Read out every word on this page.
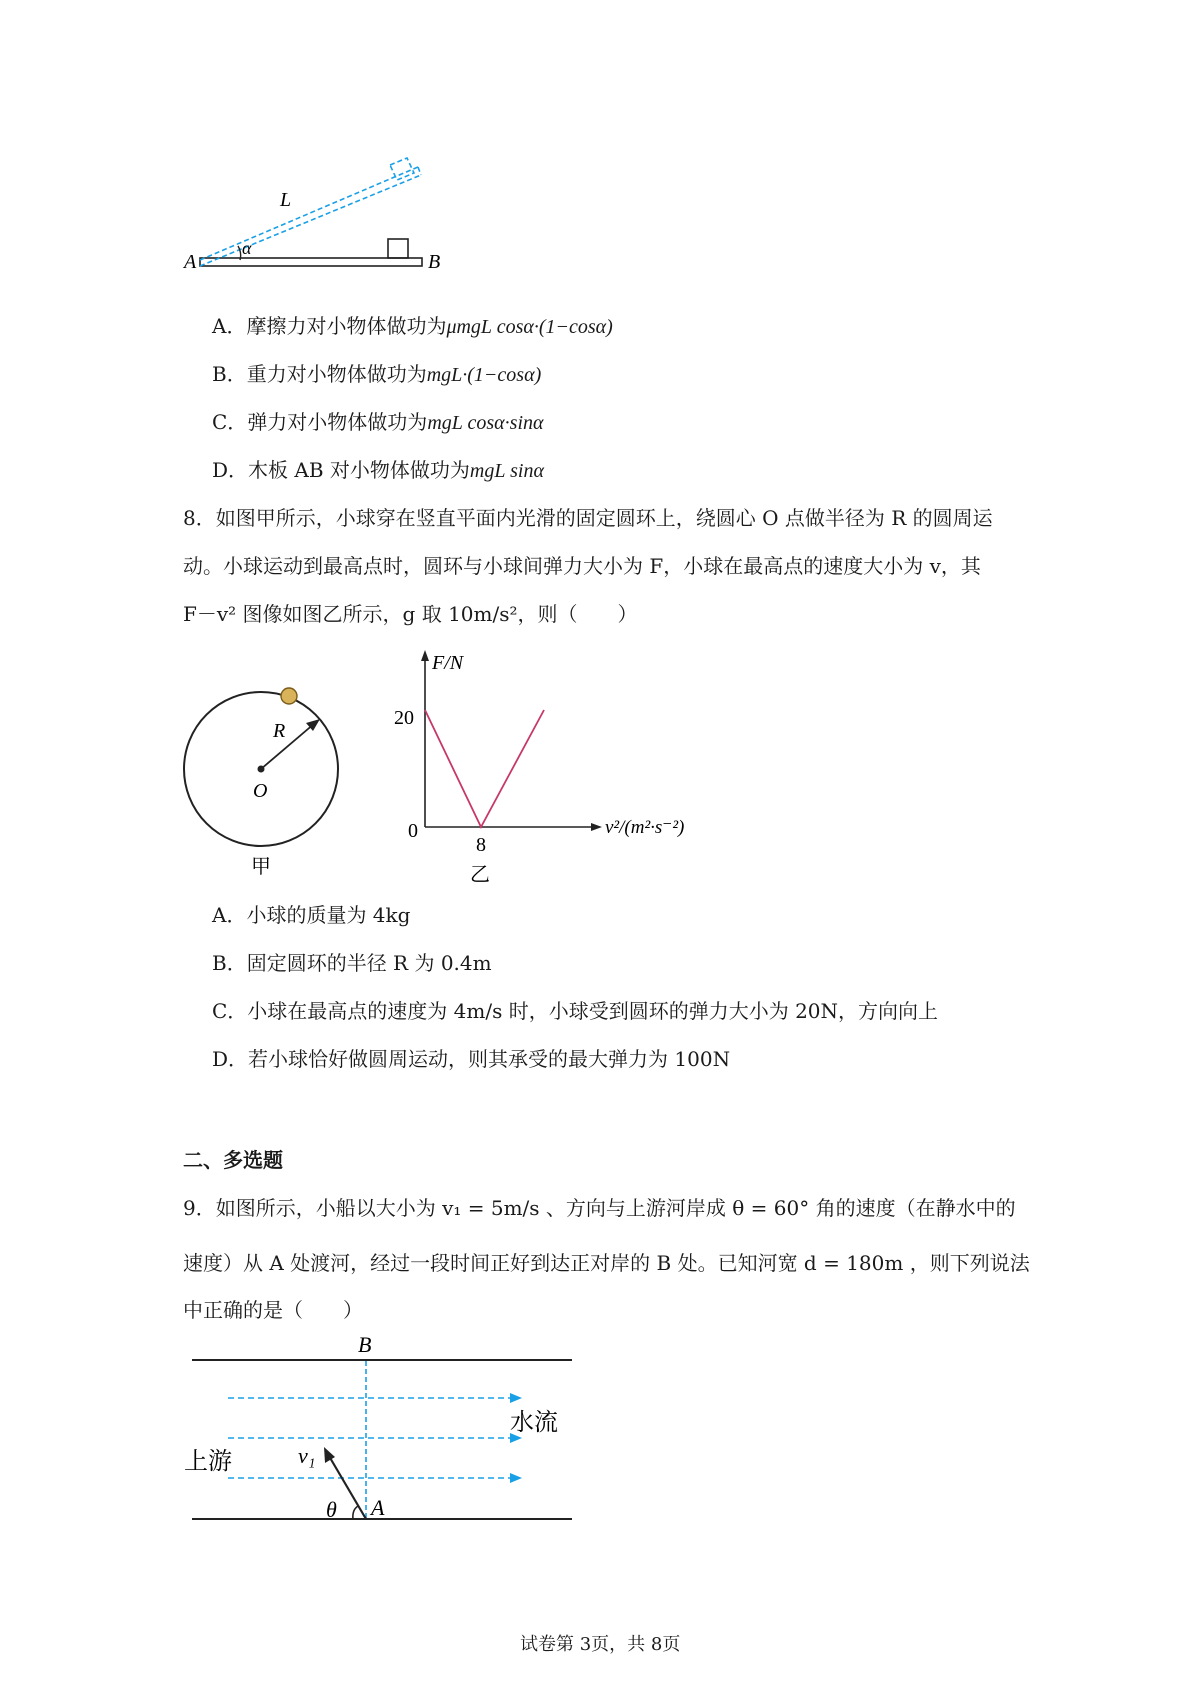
L
α
A	B
A．摩擦力对小物体做功为μmgL cosα·(1−cosα)
B．重力对小物体做功为mgL·(1−cosα)
C．弹力对小物体做功为mgL cosα·sinα
D．木板 AB 对小物体做功为mgL sinα
8．如图甲所示，小球穿在竖直平面内光滑的固定圆环上，绕圆心 O 点做半径为 R 的圆周运
动。小球运动到最高点时，圆环与小球间弹力大小为 F，小球在最高点的速度大小为 v，其
F－v² 图像如图乙所示，g 取 10m/s²，则（　　）
R
O
甲
F/N
v²/(m²·s⁻²)
20
0
8
乙
A．小球的质量为 4kg
B．固定圆环的半径 R 为 0.4m
C．小球在最高点的速度为 4m/s 时，小球受到圆环的弹力大小为 20N，方向向上
D．若小球恰好做圆周运动，则其承受的最大弹力为 100N
二、多选题
9．如图所示，小船以大小为 v₁ = 5m/s 、方向与上游河岸成 θ = 60° 角的速度（在静水中的
速度）从 A 处渡河，经过一段时间正好到达正对岸的 B 处。已知河宽 d = 180m ，则下列说法
中正确的是（　　）
B
水流
上游	v₁
θ A
试卷第 3页，共 8页
